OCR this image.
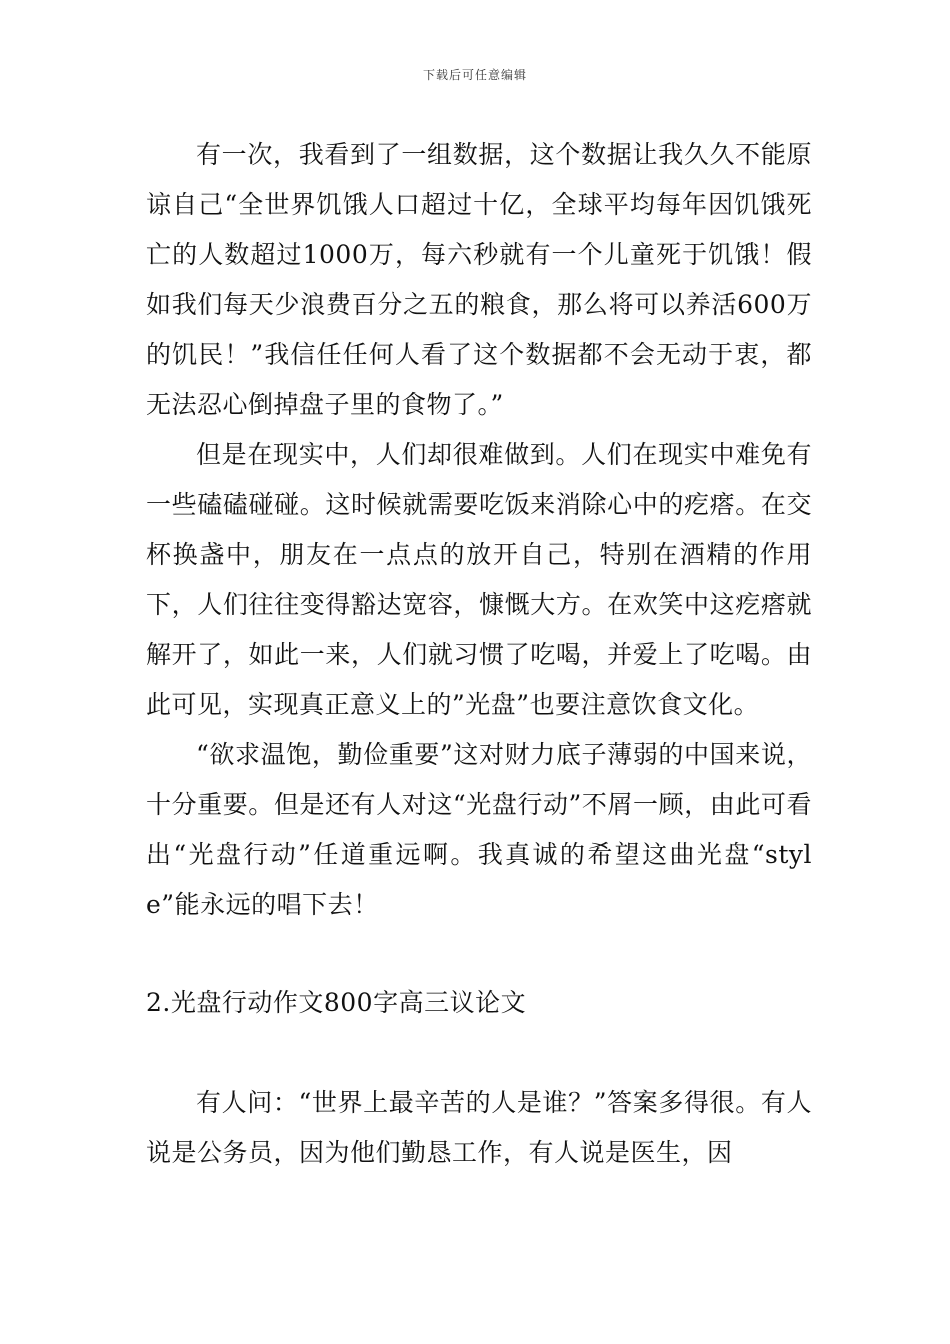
下载后可任意编辑

有一次，我看到了一组数据，这个数据让我久久不能原谅自己“全世界饥饿人口超过十亿，全球平均每年因饥饿死亡的人数超过1000万，每六秒就有一个儿童死于饥饿！假如我们每天少浪费百分之五的粮食，那么将可以养活600万的饥民！”我信任任何人看了这个数据都不会无动于衷，都无法忍心倒掉盘子里的食物了。”

但是在现实中，人们却很难做到。人们在现实中难免有一些磕磕碰碰。这时候就需要吃饭来消除心中的疙瘩。在交杯换盏中，朋友在一点点的放开自己，特别在酒精的作用下，人们往往变得豁达宽容，慷慨大方。在欢笑中这疙瘩就解开了，如此一来，人们就习惯了吃喝，并爱上了吃喝。由此可见，实现真正意义上的”光盘”也要注意饮食文化。

“欲求温饱，勤俭重要”这对财力底子薄弱的中国来说，十分重要。但是还有人对这“光盘行动”不屑一顾，由此可看出“光盘行动”任道重远啊。我真诚的希望这曲光盘“style”能永远的唱下去！

2.光盘行动作文800字高三议论文

有人问：“世界上最辛苦的人是谁？”答案多得很。有人说是公务员，因为他们勤恳工作，有人说是医生，因
